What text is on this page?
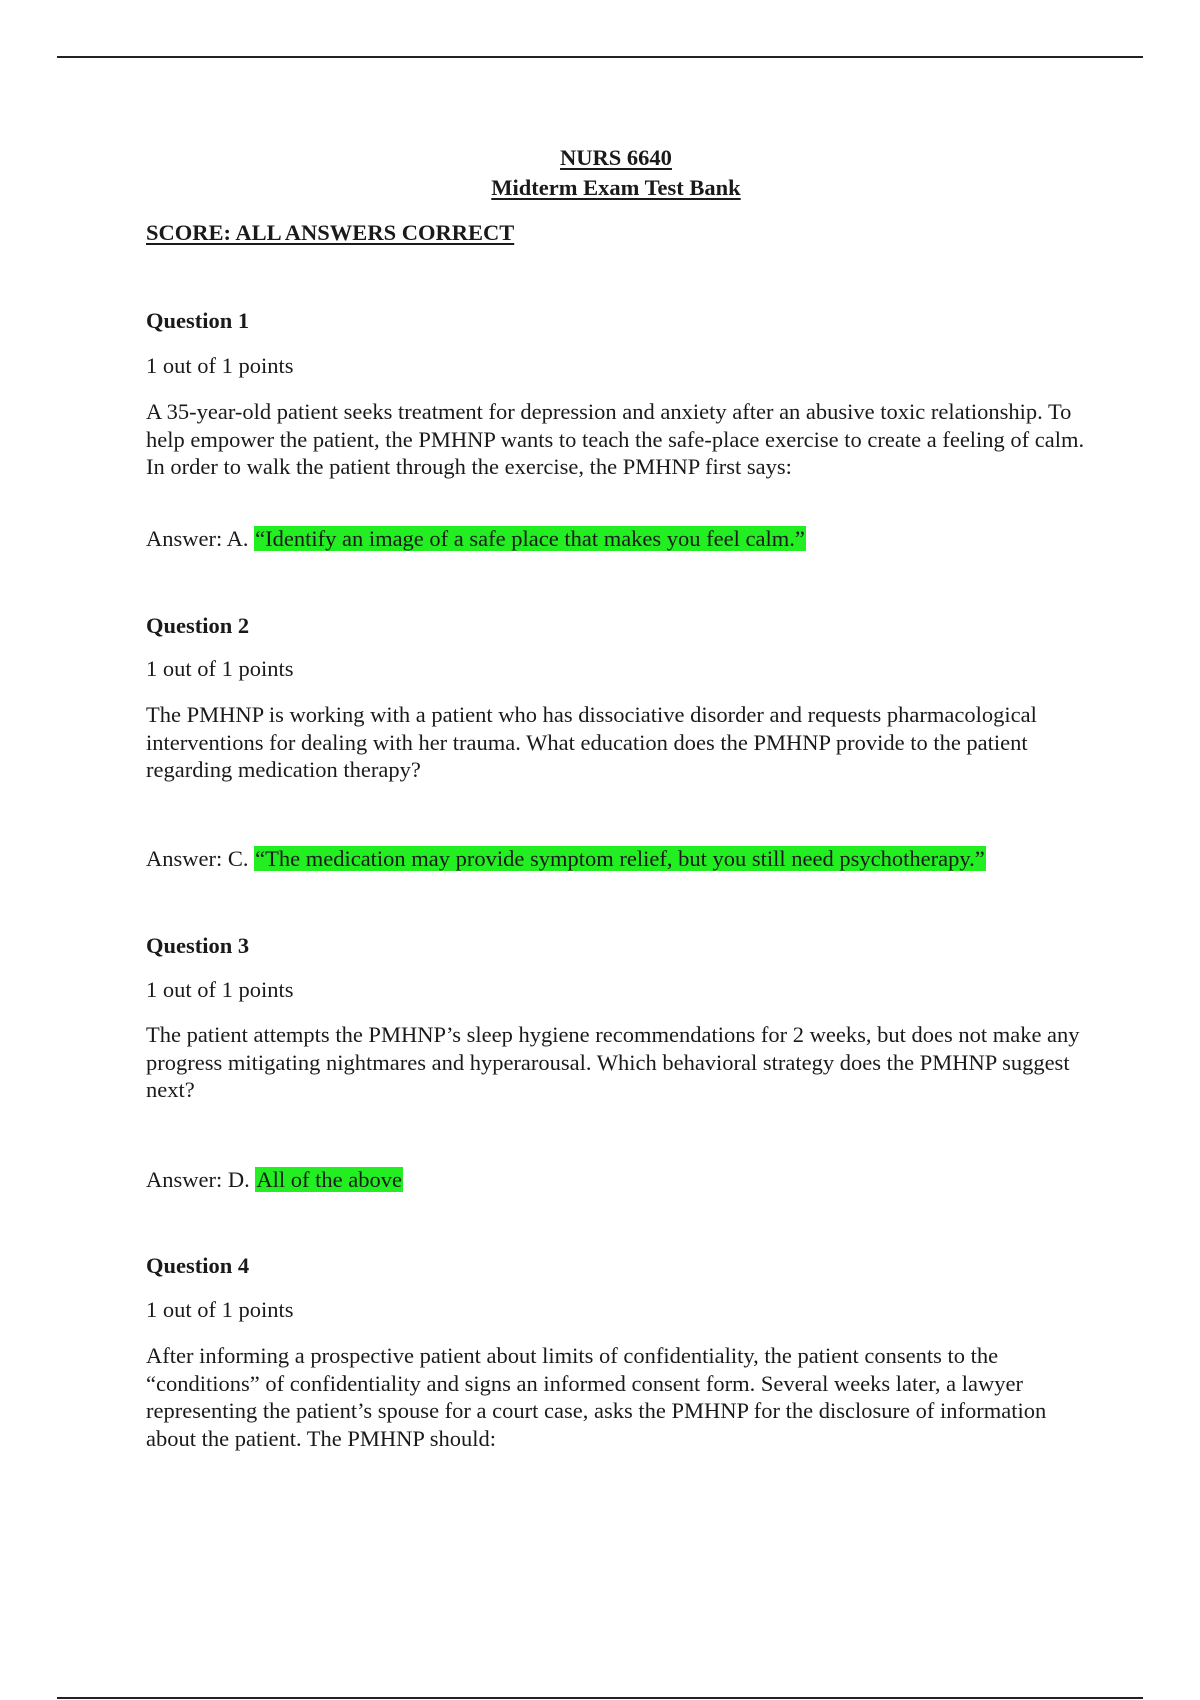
NURS 6640
Midterm Exam Test Bank
SCORE: ALL ANSWERS CORRECT
Question 1
1 out of 1 points
A 35-year-old patient seeks treatment for depression and anxiety after an abusive toxic relationship. To help empower the patient, the PMHNP wants to teach the safe-place exercise to create a feeling of calm. In order to walk the patient through the exercise, the PMHNP first says:
Answer: A. “Identify an image of a safe place that makes you feel calm.”
Question 2
1 out of 1 points
The PMHNP is working with a patient who has dissociative disorder and requests pharmacological interventions for dealing with her trauma. What education does the PMHNP provide to the patient regarding medication therapy?
Answer: C. “The medication may provide symptom relief, but you still need psychotherapy.”
Question 3
1 out of 1 points
The patient attempts the PMHNP’s sleep hygiene recommendations for 2 weeks, but does not make any progress mitigating nightmares and hyperarousal. Which behavioral strategy does the PMHNP suggest next?
Answer: D. All of the above
Question 4
1 out of 1 points
After informing a prospective patient about limits of confidentiality, the patient consents to the “conditions” of confidentiality and signs an informed consent form. Several weeks later, a lawyer representing the patient’s spouse for a court case, asks the PMHNP for the disclosure of information about the patient. The PMHNP should:
